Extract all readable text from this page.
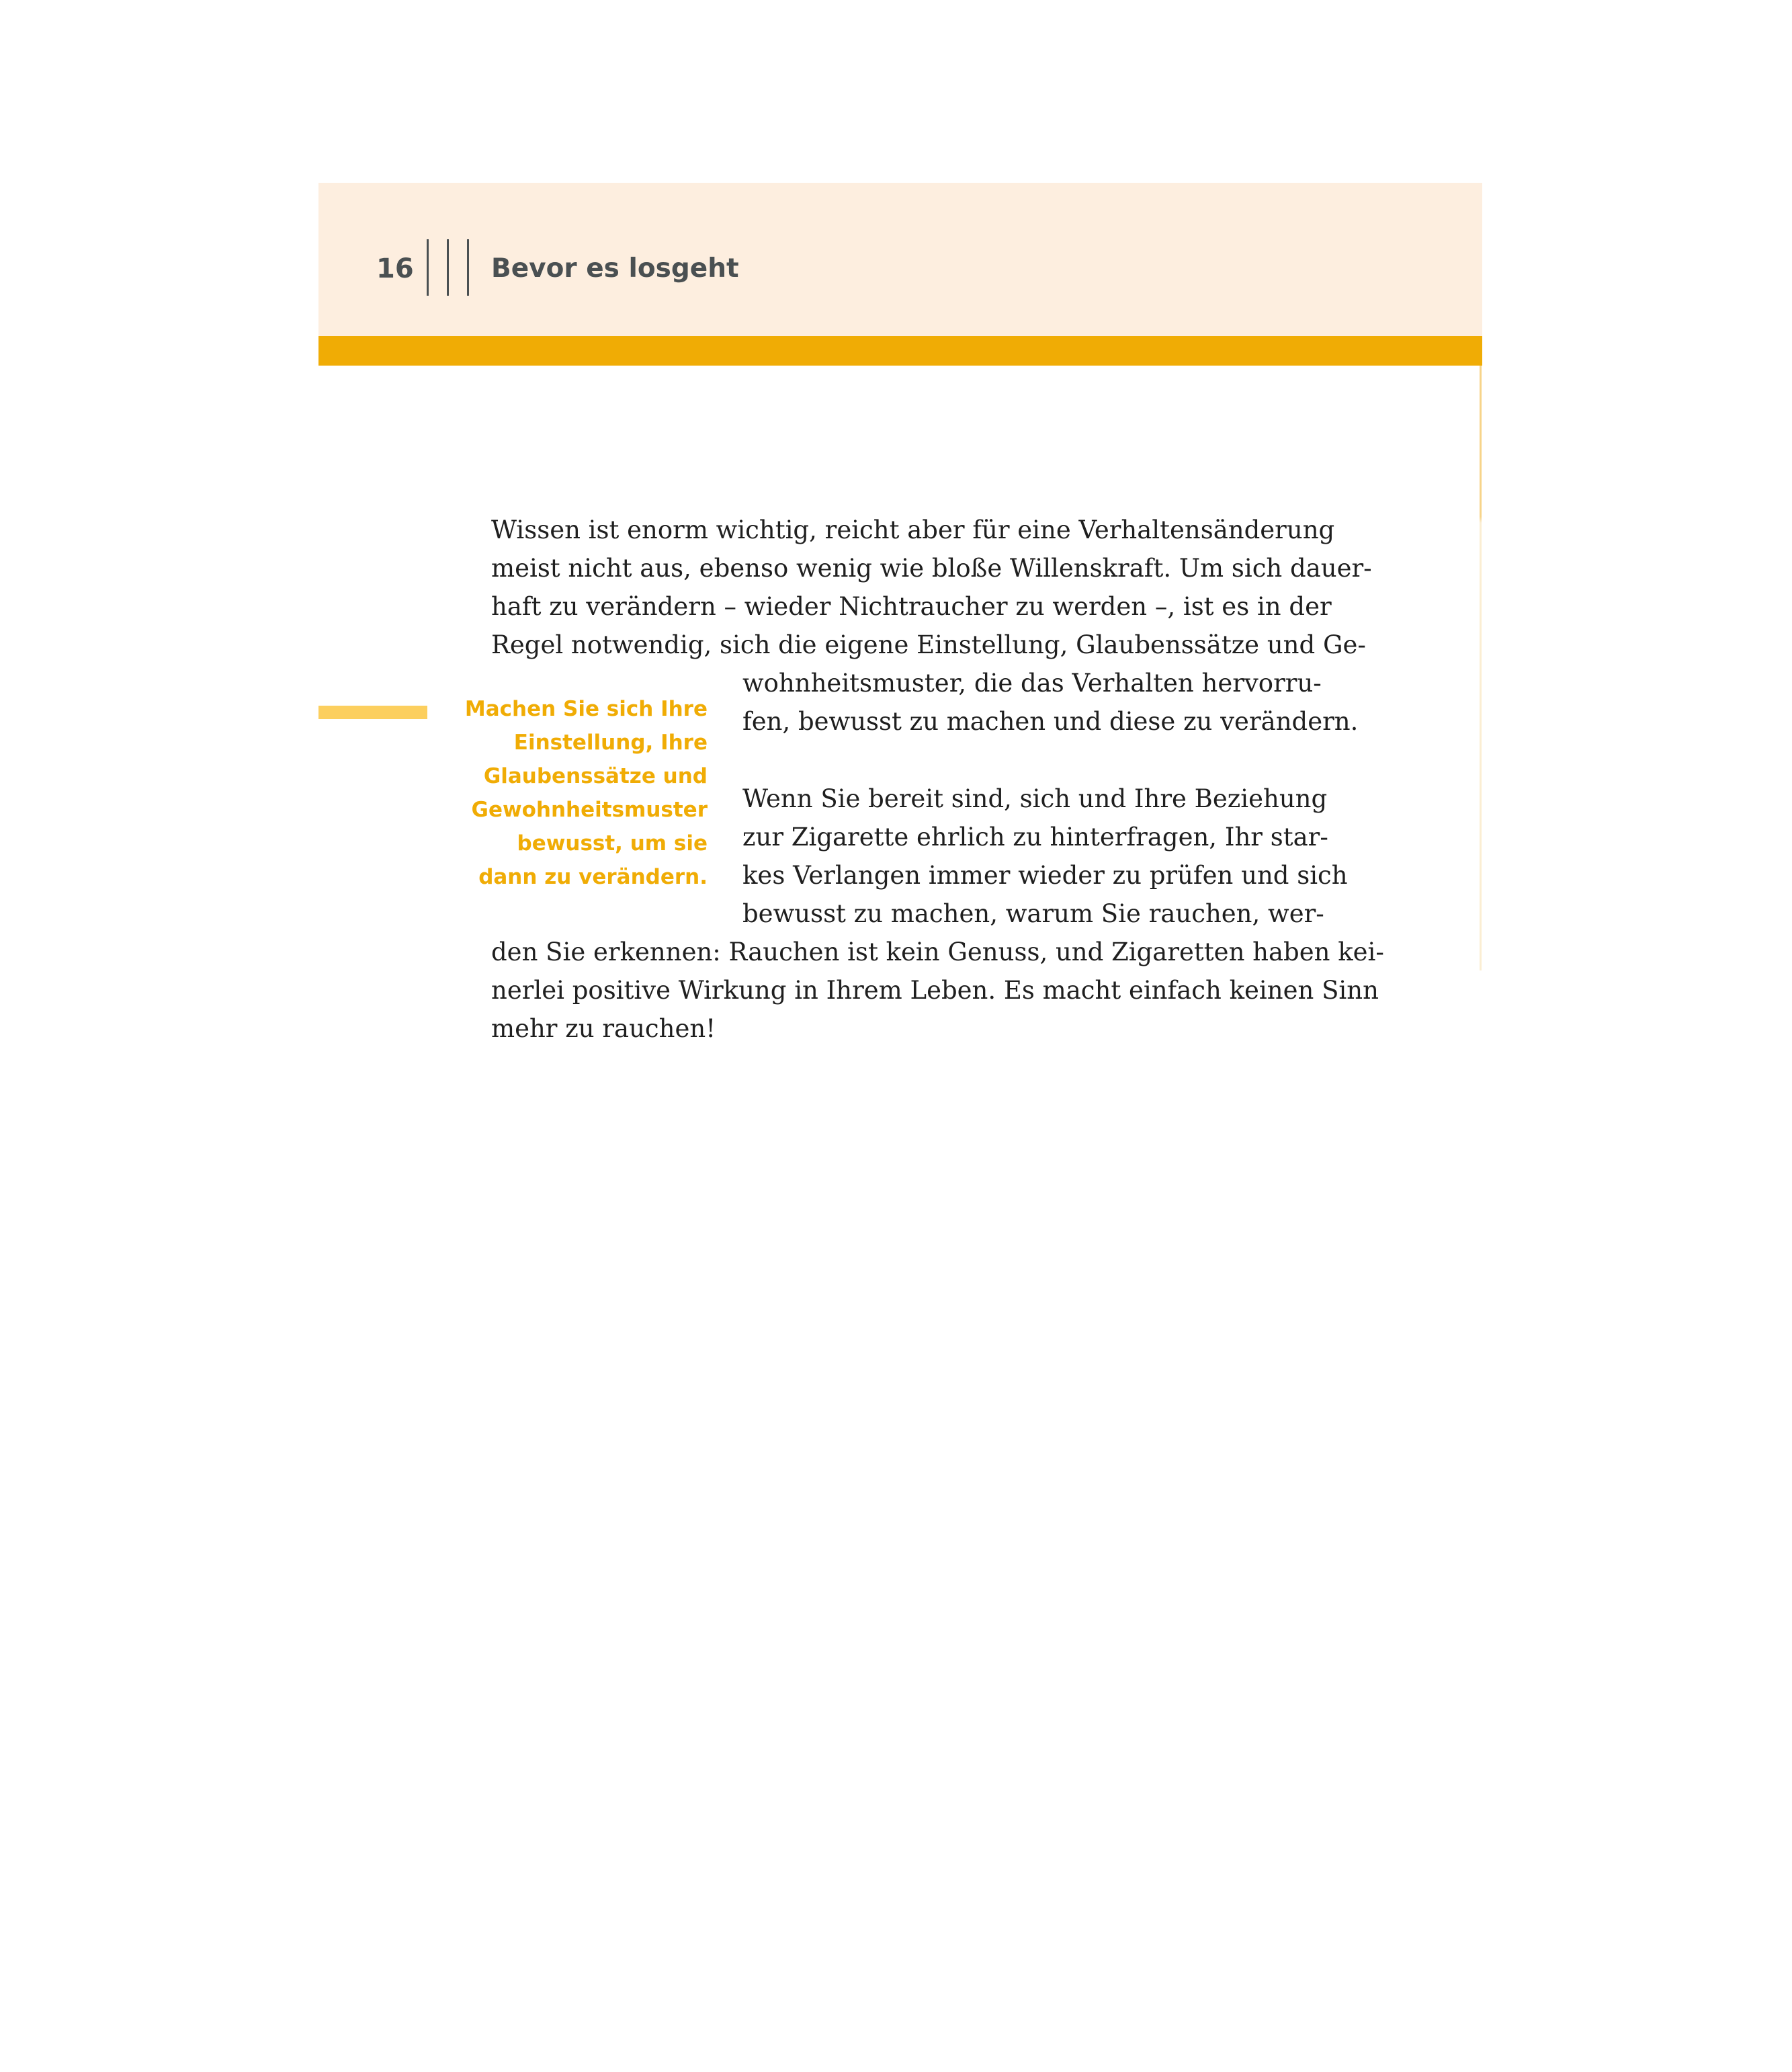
16	Bevor es losgeht

Wissen ist enorm wichtig, reicht aber für eine Verhaltensänderung
meist nicht aus, ebenso wenig wie bloße Willenskraft. Um sich dauer-
haft zu verändern – wieder Nichtraucher zu werden –, ist es in der
Regel notwendig, sich die eigene Einstellung, Glaubenssätze und Ge-

wohnheitsmuster, die das Verhalten hervorru-
fen, bewusst zu machen und diese zu verändern.

Machen Sie sich Ihre
Einstellung, Ihre
Glaubenssätze und
Gewohnheitsmuster
bewusst, um sie
dann zu verändern.

Wenn Sie bereit sind, sich und Ihre Beziehung
zur Zigarette ehrlich zu hinterfragen, Ihr star-
kes Verlangen immer wieder zu prüfen und sich
bewusst zu machen, warum Sie rauchen, wer-

den Sie erkennen: Rauchen ist kein Genuss, und Zigaretten haben kei-
nerlei positive Wirkung in Ihrem Leben. Es macht einfach keinen Sinn
mehr zu rauchen!
